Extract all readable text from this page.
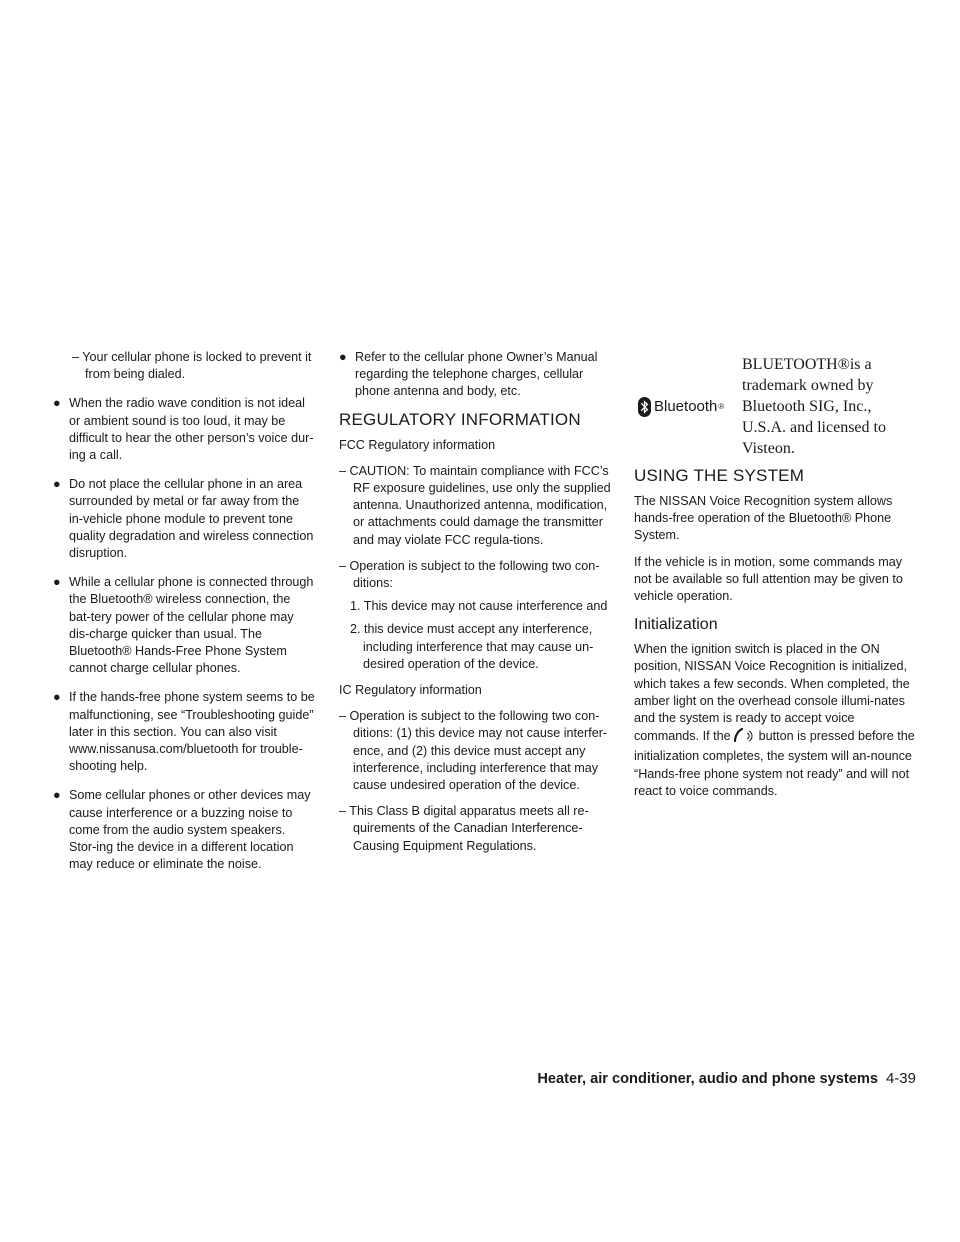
– Your cellular phone is locked to prevent it from being dialed.

● When the radio wave condition is not ideal or ambient sound is too loud, it may be difficult to hear the other person’s voice dur-ing a call.
● Do not place the cellular phone in an area surrounded by metal or far away from the in-vehicle phone module to prevent tone quality degradation and wireless connection disruption.
● While a cellular phone is connected through the Bluetooth® wireless connection, the bat-tery power of the cellular phone may dis-charge quicker than usual. The Bluetooth® Hands-Free Phone System cannot charge cellular phones.
● If the hands-free phone system seems to be malfunctioning, see “Troubleshooting guide” later in this section. You can also visit www.nissanusa.com/bluetooth for trouble-shooting help.
● Some cellular phones or other devices may cause interference or a buzzing noise to come from the audio system speakers. Stor-ing the device in a different location may reduce or eliminate the noise.
● Refer to the cellular phone Owner’s Manual regarding the telephone charges, cellular phone antenna and body, etc.
REGULATORY INFORMATION

FCC Regulatory information

– CAUTION: To maintain compliance with FCC’s RF exposure guidelines, use only the supplied antenna. Unauthorized antenna, modification, or attachments could damage the transmitter and may violate FCC regula-tions.

– Operation is subject to the following two con-ditions:

1. This device may not cause interference and

2. this device must accept any interference, including interference that may cause un-desired operation of the device.

IC Regulatory information

– Operation is subject to the following two con-ditions: (1) this device may not cause interfer-ence, and (2) this device must accept any interference, including interference that may cause undesired operation of the device.

– This Class B digital apparatus meets all re-quirements of the Canadian Interference-Causing Equipment Regulations.

Bluetooth ®
BLUETOOTH®is a trademark owned by Bluetooth SIG, Inc., U.S.A. and licensed to Visteon.
USING THE SYSTEM

The NISSAN Voice Recognition system allows hands-free operation of the Bluetooth® Phone System.

If the vehicle is in motion, some commands may not be available so full attention may be given to vehicle operation.

Initialization

When the ignition switch is placed in the ON position, NISSAN Voice Recognition is initialized, which takes a few seconds. When completed, the amber light on the overhead console illumi-nates and the system is ready to accept voice commands. If the button is pressed before the initialization completes, the system will an-nounce “Hands-free phone system not ready” and will not react to voice commands.

Heater, air conditioner, audio and phone systems 4-39
